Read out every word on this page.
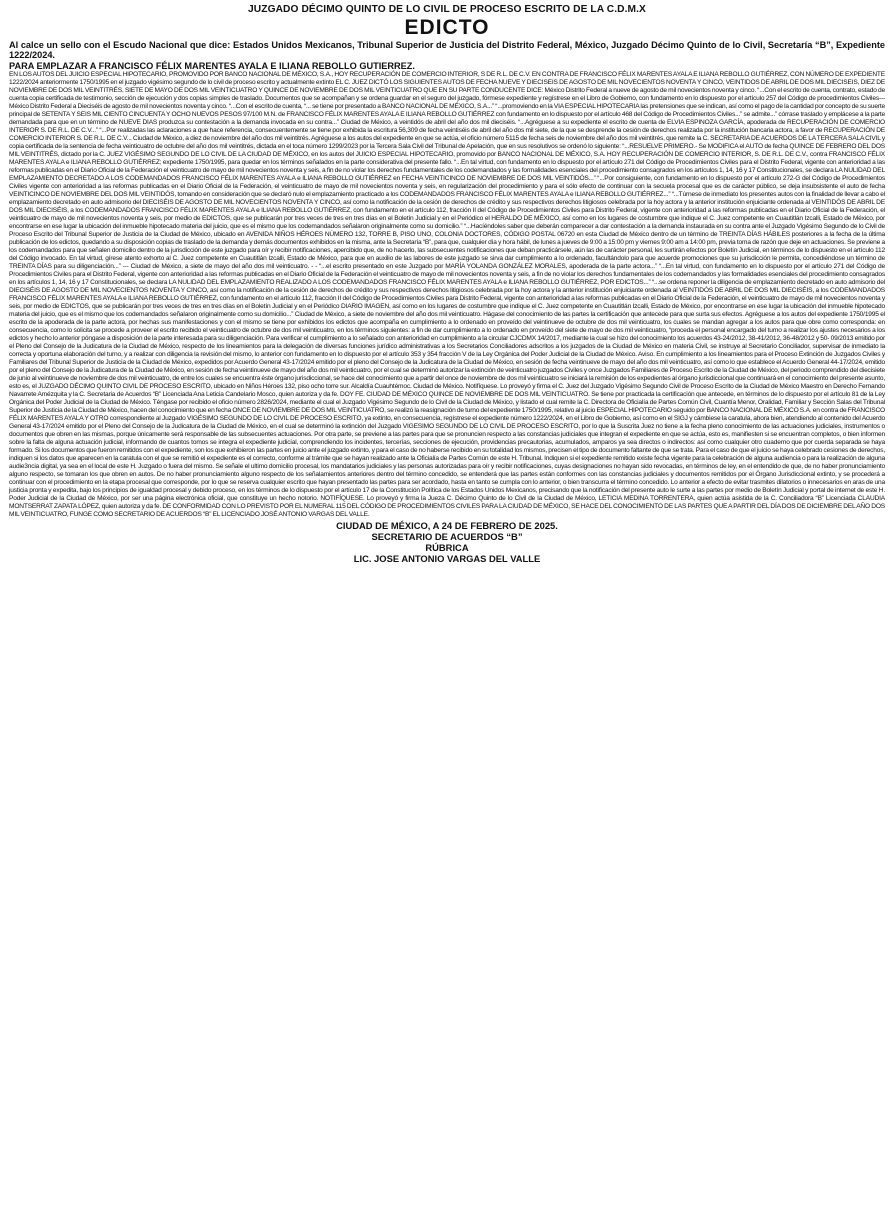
JUZGADO DÉCIMO QUINTO DE LO CIVIL DE PROCESO ESCRITO DE LA C.D.M.X
EDICTO
Al calce un sello con el Escudo Nacional que dice: Estados Unidos Mexicanos, Tribunal Superior de Justicia del Distrito Federal, México, Juzgado Décimo Quinto de lo Civil, Secretaría “B”, Expediente 1222/2024.
PARA EMPLAZAR A FRANCISCO FÉLIX MARENTES AYALA E ILIANA REBOLLO GUTIERREZ.

EN LOS AUTOS DEL JUICIO ESPECIAL HIPOTECARIO, PROMOVIDO POR BANCO NACIONAL DE MÉXICO, S.A., HOY RECUPERACIÓN DE COMERCIO INTERIOR, S DE R.L. DE C.V. EN CONTRA DE FRANCISCO FÉLIX MARENTES AYALA E ILIANA REBOLLO GUTIÉRREZ, CON NÚMERO DE EXPEDIENTE 1222/2024 anteriormente 1750/1995 en el juzgado vigésimo segundo de lo civil de proceso escrito y actualmente extinto EL C. JUEZ DICTÓ LOS SIGUIENTES AUTOS DE FECHA NUEVE Y DIECISEIS DE AGOSTO DE MIL NOVECIENTOS NOVENTA Y CINCO, VEINTIDOS DE ABRIL DE DOS MIL DIECISEIS, DIEZ DE NOVIEMBRE DE DOS MIL VEINTITRÉS, SIETE DE MAYO DE DOS MIL VEINTICUATRO Y QUINCE DE NOVIEMBRE DE DOS MIL VEINTICUATRO QUE EN SU PARTE CONDUCENTE DICE: México Distrito Federal a nueve de agosto de mil novecientos noventa y cinco. “...Con el escrito de cuenta, contrato, estado de cuenta copia certificada de testimonio, sección de ejecución y dos copias simples de traslado. Documentos que se acompañan y se ordena guardar en el seguro del juzgado, fórmese expediente y regístrese en el Libro de Gobierno, con fundamento en lo dispuesto por el artículo 257 del Código de procedimientos Civiles--- México Distrito Federal a Dieciséis de agosto de mil novecientos noventa y cinco. “...Con el escrito de cuenta, “... se tiene por presentado a BANCO NACIONAL DE MÉXICO, S.A...” “...promoviendo en la VIA ESPECIAL HIPOTECARIA las pretensiones que se indican, así como el pago de la cantidad por concepto de su suerte principal de SETENTA Y SEIS MIL CIENTO CINCUENTA Y OCHO NUEVOS PESOS 97/100 M.N. de FRANCISCO FÉLIX MARENTES AYALA E ILIANA REBOLLO GUTIÉRREZ con fundamento en lo dispuesto por el artículo 468 del Código de Procedimientos Civiles...” se admite...” córrase traslado y emplácese a la parte demandada para que en un término de NUEVE DIAS produzca su contestación a la demanda invocada en su contra...” Ciudad de México, a veintidós de abril del año dos mil dieciséis. “...Agréguese a su expediente el escrito de cuenta de ELVIA ESPINOZA GARCÍA, apoderada de RECUPERACIÓN DE COMERCIO INTERIOR S. DE R.L. DE C.V...” “...Por realizadas las aclaraciones a que hace referencia, consecuentemente se tiene por exhibida la escritura 56,309 de fecha veintiséis de abril del año dos mil siete, de la que se desprende la cesión de derechos realizada por la institución bancaria actora, a favor de RECUPERACIÓN DE COMERCIO INTERIOR S. DE R.L. DE C.V... Ciudad de México, a diez de noviembre del año dos mil veintitrés. Agréguese a los autos del expediente en que se actúa, el oficio número 5115 de fecha seis de noviembre del año dos mil veintitrés, que remite la C. SECRETARIA DE ACUERDOS DE LA TERCERA SALA CIVIL y copia certificada de la sentencia de fecha veinticuatro de octubre del año dos mil veintitrés, dictada en el toca número 1299/2023 por la Tercera Sala Civil del Tribunal de Apelación, que en sus resolutivos se ordenó lo siguiente: “...RESUELVE PRIMERO.- Se MODIFICA el AUTO de fecha QUINCE DE FEBRERO DEL DOS MIL VEINTITRÉS, dictado por la C. JUEZ VIGÉSIMO SEGUNDO DE LO CIVIL DE LA CIUDAD DE MÉXICO, en los autos del JUICIO ESPECIAL HIPOTECARIO, promovido por BANCO NACIONAL DE MÉXICO, S.A. HOY RECUPERACIÓN DE COMERCIO INTERIOR, S. DE R.L. DE C.V., contra FRANCISCO FÉLIX MARENTES AYALA e ILIANA REBOLLO GUTIÉRREZ; expediente 1750/1995, para quedar en los términos señalados en la parte considerativa del presente fallo. “...En tal virtud, con fundamento en lo dispuesto por el artículo 271 del Código de Procedimientos Civiles para el Distrito Federal, vigente con anterioridad a las reformas publicadas en el Diario Oficial de la Federación el veinticuatro de mayo de mil novecientos noventa y seis, a fin de no violar los derechos fundamentales de los codemandados y las formalidades esenciales del procedimiento consagrados en los artículos 1, 14, 16 y 17 Constitucionales, se declara LA NULIDAD DEL EMPLAZAMIENTO DECRETADO A LOS CODEMANDADOS FRANCISCO FÉLIX MARENTES AYALA e ILIANA REBOLLO GUTIÉRREZ en FECHA VEINTICINCO DE NOVIEMBRE DE DOS MIL VEINTIDÓS...” “...Por consiguiente, con fundamento en lo dispuesto por el artículo 272-G del Código de Procedimientos Civiles vigente con anterioridad a las reformas publicadas en el Diario Oficial de la Federación, el veinticuatro de mayo de mil novecientos noventa y seis, en regularización del procedimiento y para el sólo efecto de continuar con la secuela procesal que es de carácter público, se deja insubsistente el auto de fecha VEINTICINCO DE NOVIEMBRE DEL DOS MIL VEINTIDÓS, tomando en consideración que se declaró nulo el emplazamiento practicado a los CODEMANDADOS FRANCISCO FÉLIX MARENTES AYALA e ILIANA REBOLLO GUTIÉRREZ...” “...Túrnese de inmediato los presentes autos con la finalidad de llevar a cabo el emplazamiento decretado en auto admisorio del DIECISÉIS DE AGOSTO DE MIL NOVECIENTOS NOVENTA Y CINCO, así como la notificación de la cesión de derechos de crédito y sus respectivos derechos litigiosos celebrada por la hoy actora y la anterior institución enjuiciante ordenada al VEINTIDÓS DE ABRIL DE DOS MIL DIECISÉIS, a los CODEMANDADOS FRANCISCO FÉLIX MARENTES AYALA e ILIANA REBOLLO GUTIÉRREZ, con fundamento en el artículo 112, fracción II del Código de Procedimientos Civiles para Distrito Federal, vigente con anterioridad a las reformas publicadas en el Diario Oficial de la Federación, el veinticuatro de mayo de mil novecientos noventa y seis, por medio de EDICTOS, que se publicarán por tres veces de tres en tres días en el Boletín Judicial y en el Periódico el HERALDO DE MÉXICO, así como en los lugares de costumbre que indique el C. Juez competente en Cuautitlán Izcalli, Estado de México, por encontrarse en ese lugar la ubicación del inmueble hipotecado materia del juicio, que es el mismo que los codemandados señalaron originalmente como su domicilio.” “...Hacíéndoles saber que deberán comparecer a dar contestación a la demanda instaurada en su contra ante el Juzgado Vigésimo Segundo de lo Civil de Proceso Escrito del Tribunal Superior de Justicia de la Ciudad de México, ubicado en AVENIDA NIÑOS HÉROES NÚMERO 132, TORRE B, PISO UNO, COLONIA DOCTORES, CÓDIGO POSTAL 06720 en esta Ciudad de México dentro de un término de TREINTA DÍAS HÁBILES posteriores a la fecha de la última publicación de los edictos, quedando a su disposición copias de traslado de la demanda y demás documentos exhibidos en la misma, ante la Secretaría “B”, para que, cualquier día y hora hábil, de lunes a jueves de 9:00 a 15:00 pm y viernes 9:00 am a 14:00 pm, previa toma de razón que deje en actuaciones. Se previene a los codemandados para que señalen domicilio dentro de la jurisdicción de este juzgado para oír y recibir notificaciones, apercibido que, de no hacerlo, las subsecuentes notificaciones que deban practicársele, aún las de carácter personal, les surtirán efectos por Boletín Judicial, en términos de lo dispuesto en el artículo 112 del Código invocado. En tal virtud, gírese atento exhorto al C. Juez competente en Cuautitlán Izcalli, Estado de México, para que en auxilio de las labores de este juzgado se sirva dar cumplimiento a lo ordenado, facultándolo para que acuerde promociones que su jurisdicción le permita, concediéndose un término de TREINTA DÍAS para su diligenciación...” --- Ciudad de México, a siete de mayo del año dos mil veinticuatro. - - “...el escrito presentado en este Juzgado por MARÍA YOLANDA GONZÁLEZ MORALES, apoderada de la parte actora...” “...En tal virtud, con fundamento en lo dispuesto por el artículo 271 del Código de Procedimientos Civiles para el Distrito Federal, vigente con anterioridad a las reformas publicadas en el Diario Oficial de la Federación el veinticuatro de mayo de mil novecientos noventa y seis, a fin de no violar los derechos fundamentales de los codemandados y las formalidades esenciales del procedimiento consagrados en los artículos 1, 14, 16 y 17 Constitucionales, se declara LA NULIDAD DEL EMPLAZAMIENTO REALIZADO A LOS CODEMANDADOS FRANCISCO FÉLIX MARENTES AYALA e ILIANA REBOLLO GUTIÉRREZ, POR EDICTOS...” “...se ordena reponer la diligencia de emplazamiento decretado en auto admisorio del DIECISÉIS DE AGOSTO DE MIL NOVECIENTOS NOVENTA Y CINCO, así como la notificación de la cesión de derechos de crédito y sus respectivos derechos litigiosos celebrada por la hoy actora y la anterior institución enjuiciante ordenada al VEINTIDÓS DE ABRIL DE DOS MIL DIECISÉIS, a los CODEMANDADOS FRANCISCO FÉLIX MARENTES AYALA e ILIANA REBOLLO GUTIÉRREZ, con fundamento en el artículo 112, fracción II del Código de Procedimientos Civiles para Distrito Federal, vigente con anterioridad a las reformas publicadas en el Diario Oficial de la Federación, el veinticuatro de mayo de mil novecientos noventa y seis, por medio de EDICTOS, que se publicarán por tres veces de tres en tres días en el Boletín Judicial y en el Periódico DIARIO IMAGEN, así como en los lugares de costumbre que indique el C. Juez competente en Cuautitlán Izcalli, Estado de México, por encontrarse en ese lugar la ubicación del inmueble hipotecado materia del juicio, que es el mismo que los codemandados señalaron originalmente como su domicilio...” Ciudad de México, a siete de noviembre del año dos mil veinticuatro. Hágase del conocimiento de las partes la certificación que antecede para que surta sus efectos. Agréguese a los autos del expediente 1750/1995 el escrito de la apoderada de la parte actora, por hechas sus manifestaciones y con el mismo se tiene por exhibidos los edictos que acompaña en cumplimiento a lo ordenado en proveído del veintinueve de octubre de dos mil veinticuatro, los cuales se mandan agregar a los autos para que obre como corresponda: en consecuencia, como lo solicita se procede a proveer el escrito recibido el veinticuatro de octubre de dos mil veinticuatro, en los términos siguientes: a fin de dar cumplimiento a lo ordenado en proveído del siete de mayo de dos mil veinticuatro, “proceda el personal encargado del turno a realizar los ajustes necesarios a los edictos y hecho lo anterior póngase a disposición de la parte interesada para su diligenciación. Para verificar el cumplimiento a lo señalado con anterioridad en cumplimiento a la circular CJCDMX 14/2017, mediante la cual se hizo del conocimiento los acuerdos 43-24/2012, 38-41/2012, 36-48/2012 y 50- 09/2013 emitido por el Pleno del Consejo de la Judicatura de la Ciudad de México, respecto de los lineamientos para la delegación de diversas funciones jurídico administrativas a los Secretarios Conciliadores adscritos a los juzgados de la Ciudad de México en materia Civil, se instruye al Secretario Conciliador, supervisar de inmediato la correcta y oportuna elaboración del turno, y a realizar con diligencia la revisión del mismo, lo anterior con fundamento en lo dispuesto por el artículo 353 y 354 fracción V de la Ley Orgánica del Poder Judicial de la Ciudad de México. Aviso. En cumplimiento a los lineamientos para el Proceso Extinción de Juzgados Civiles y Familiares del Tribunal Superior de Justicia de la Ciudad de México, expedidos por Acuerdo General 43-17/2024 emitido por el pleno del Consejo de la Judicatura de la Ciudad de México, en sesión de fecha veintinueve de mayo del año dos mil veinticuatro, así como lo que establece el Acuerdo General 44-17/2024, emitido por el pleno del Consejo de la Judicatura de la Ciudad de México, en sesión de fecha veintinueve de mayo del año dos mil veinticuatro, por el cual se determinó autorizar la extinción de veinticuatro juzgados Civiles y once Juzgados Familiares de Proceso Escrito de la Ciudad de México, del periodo comprendido del diecisiete de junio al veintinueve de noviembre de dos mil veinticuatro, de entre los cuales se encuentra éste órgano jurisdiccional, se hace del conocimiento que a partir del once de noviembre de dos mil veinticuatro se iniciará la remisión de los expedientes al órgano jurisdiccional que continuará en el conocimiento del presente asunto, esto es, el JUZGADO DÉCIMO QUINTO CIVIL DE PROCESO ESCRITO, ubicado en Niños Héroes 132, piso ocho torre sur. Alcaldía Cuauhtémoc. Ciudad de México. Notifíquese. Lo proveyó y firma el C. Juez del Juzgado Vigésimo Segundo Civil de Proceso Escrito de la Ciudad de México Maestro en Derecho Fernando Navarrete Amézquita y la C. Secretaria de Acuerdos “B” Licenciada Ana Leticia Candelario Mosco, quien autoriza y da fe. DOY FE. CIUDAD DE MÉXICO QUINCE DE NOVIEMBRE DE DOS MIL VEINTICUATRO. Se tiene por practicada la certificación que antecede, en términos de lo dispuesto por el artículo 81 de la Ley Orgánica del Poder Judicial de la Ciudad de México. Téngase por recibido el oficio número 2826/2024, mediante el cual el Juzgado Vigésimo Segundo de lo Civil de la Ciudad de México, y listado el cual remite la C. Directora de Oficialía de Partes Común Civil, Cuantía Menor, Oralidad, Familiar y Sección Salas del Tribunal Superior de Justicia de la Ciudad de México, hacen del conocimiento que en fecha ONCE DE NOVIEMBRE DE DOS MIL VEINTICUATRO, se realizó la reasignación de turno del expediente 1750/1995, relativo al juicio ESPECIAL HIPOTECARIO seguido por BANCO NACIONAL DE MÉXICO S.A. en contra de FRANCISCO FÉLIX MARENTES AYALA Y OTRO correspondiente al Juzgado VIGÉSIMO SEGUNDO DE LO CIVIL DE PROCESO ESCRITO, ya extinto, en consecuencia, regístrese el expediente número 1222/2024, en el Libro de Gobierno, así como en el SIGJ y cámbiese la caratula, ahora bien, atendiendo al contenido del Acuerdo General 43-17/2024 emitido por el Pleno del Consejo de la Judicatura de la Ciudad de México, en el cual se determinó la extinción del Juzgado VIGESIMO SEGUNDO DE LO CIVIL DE PROCESO ESCRITO, por lo que la Suscrita Juez no tiene a la fecha pleno conocimiento de las actuaciones judiciales, instrumentos o documentos que obren en las mismas, porque únicamente será responsable de las subsecuentes actuaciones. Por otra parte, se previene a las partes para que se pronuncien respecto a las constancias judiciales que integran el expediente en que se actúa, esto es, manifiesten si se encuentran completos, o bien informen sobre la falta de alguna actuación judicial, informando de cuantos tomos se integra el expediente judicial, comprendiendo los incidentes, tercerías, secciones de ejecución, providencias precautorias, acumulados, amparos ya sea directos o indirectos: así como cualquier otro cuaderno que por cuerda separada se haya formado. Si los documentos que fueron remitidos con el expediente, son los que exhibieron las partes en juicio ante el juzgado extinto, y para el caso de no haberse recibido en su totalidad los mismos, precisen el tipo de documento faltante de que se trata. Para el caso de que el juicio se haya celebrado cesiones de derechos, indiquen si los datos que aparecen en la caratula con el que se remitió el expediente es el correcto, conforme al trámite que se hayan realizado ante la Oficialía de Partes Común de este H. Tribunal. Indiquen si el expediente remitido existe fecha vigente para la celebración de alguna audiencia o para la realización de alguna audie3ncia digital, ya sea en el local de este H. Juzgado o fuera del mismo. Se señale el ultimo domicilio procesal, los mandatarios judiciales y las personas autorizadas para oír y recibir notificaciones, cuyas designaciones no hayan sido revocadas, en términos de ley, en el entendido de que, de no haber pronunciamiento alguno respecto, se tomaran los que obren en autos. De no haber pronunciamiento alguno respecto de los señalamientos anteriores dentro del término concedido, se entenderá que las partes están conformes con las constancias judiciales y documentos remitidos por el Órgano Jurisdiccional extinto, y se procederá a continuar con el procedimiento en la etapa procesal que corresponde, por lo que se reserva cualquier escrito que hayan presentado las partes para ser acordado, hasta en tanto se cumpla con lo anterior, o bien transcurra el término concedido. Lo anterior a efecto de evitar trasmites dilatorios o innecesarios en aras de una justicia pronta y expedita, bajo los principios de igualdad procesal y debido proceso, en los términos de lo dispuesto por el artículo 17 de la Constitución Política de los Estados Unidos Mexicanos, precisando que la notificación del presente auto le surte a las partes por medio de Boletín Judicial y portal de internet de este H. Poder Judicial de la Ciudad de México, por ser una página electrónica oficial, que constituye un hecho notorio. NOTIFÍQUESE. Lo proveyó y firma la Jueza C. Décimo Quinto de lo Civil de la Ciudad de México, LETICIA MEDINA TORRENTERA, quien actúa asistida de la C. Conciliadora “B” Licenciada CLAUDIA MONTSERRAT ZAPATA LÓPEZ, quien autoriza y da fe. DE CONFORMIDAD CON LO PREVISTO POR EL NUMERAL 115 DEL CÓDIGO DE PROCEDIMIENTOS CIVILES PARA LA CIUDAD DE MÉXICO, SE HACE DEL CONOCIMIENTO DE LAS PARTES QUE A PARTIR DEL DÍA DOS DE DICIEMBRE DEL AÑO DOS MIL VEINTICUATRO, FUNGE COMO SECRETARIO DE ACUERDOS “B” EL LICENCIADO JOSÉ ANTONIO VARGAS DEL VALLE.

CIUDAD DE MÉXICO, A 24 DE FEBRERO DE 2025.
SECRETARIO DE ACUERDOS “B”
RÚBRICA
LIC. JOSE ANTONIO VARGAS DEL VALLE
